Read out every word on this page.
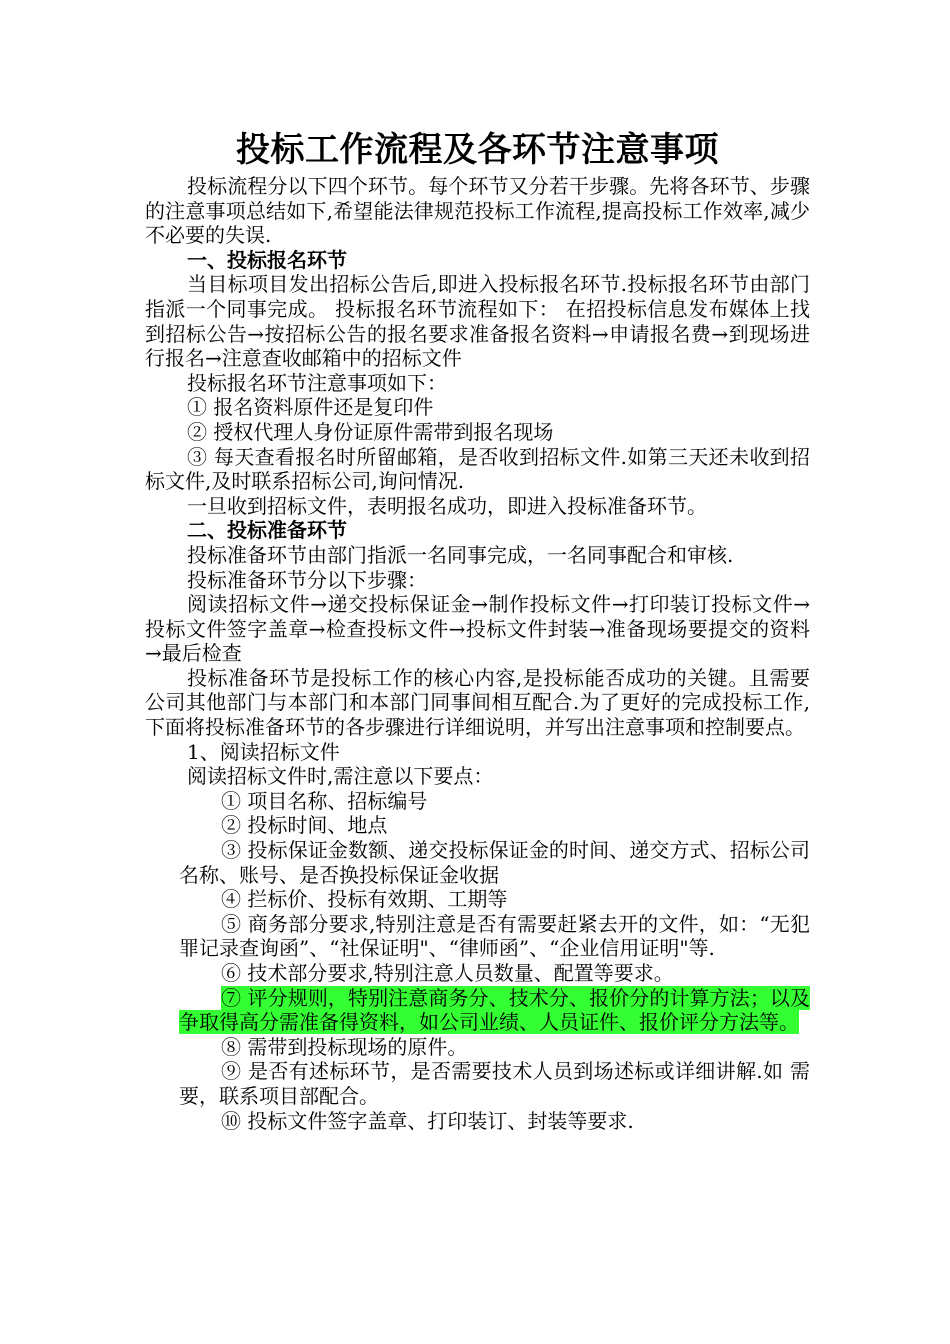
投标工作流程及各环节注意事项

投标流程分以下四个环节。每个环节又分若干步骤。先将各环节、步骤的注意事项总结如下,希望能法律规范投标工作流程,提高投标工作效率,减少不必要的失误.

一、投标报名环节

当目标项目发出招标公告后,即进入投标报名环节.投标报名环节由部门指派一个同事完成。 投标报名环节流程如下： 在招投标信息发布媒体上找到招标公告→按招标公告的报名要求准备报名资料→申请报名费→到现场进行报名→注意查收邮箱中的招标文件

投标报名环节注意事项如下：

① 报名资料原件还是复印件

② 授权代理人身份证原件需带到报名现场

③ 每天查看报名时所留邮箱，是否收到招标文件.如第三天还未收到招标文件,及时联系招标公司,询问情况.

一旦收到招标文件，表明报名成功，即进入投标准备环节。

二、投标准备环节

投标准备环节由部门指派一名同事完成，一名同事配合和审核.

投标准备环节分以下步骤：

阅读招标文件→递交投标保证金→制作投标文件→打印装订投标文件→投标文件签字盖章→检查投标文件→投标文件封装→准备现场要提交的资料→最后检查

投标准备环节是投标工作的核心内容,是投标能否成功的关键。且需要公司其他部门与本部门和本部门同事间相互配合.为了更好的完成投标工作,下面将投标准备环节的各步骤进行详细说明，并写出注意事项和控制要点。

1、阅读招标文件

阅读招标文件时,需注意以下要点：

① 项目名称、招标编号

② 投标时间、地点

③ 投标保证金数额、递交投标保证金的时间、递交方式、招标公司名称、账号、是否换投标保证金收据

④ 拦标价、投标有效期、工期等

⑤ 商务部分要求,特别注意是否有需要赶紧去开的文件，如：“无犯罪记录查询函”、“社保证明"、“律师函”、“企业信用证明"等.

⑥ 技术部分要求,特别注意人员数量、配置等要求。

⑦ 评分规则，特别注意商务分、技术分、报价分的计算方法；以及争取得高分需准备得资料，如公司业绩、人员证件、报价评分方法等。

⑧ 需带到投标现场的原件。

⑨ 是否有述标环节，是否需要技术人员到场述标或详细讲解.如 需要，联系项目部配合。

⑩ 投标文件签字盖章、打印装订、封装等要求.
